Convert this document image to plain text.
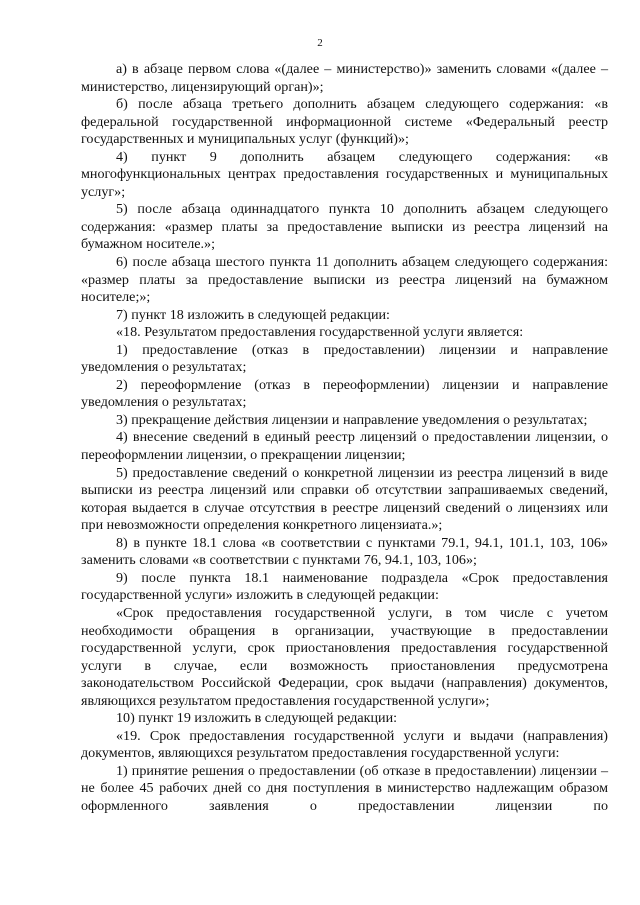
2

а) в абзаце первом слова «(далее – министерство)» заменить словами «(далее – министерство, лицензирующий орган)»;

б) после абзаца третьего дополнить абзацем следующего содержания: «в федеральной государственной информационной системе «Федеральный реестр государственных и муниципальных услуг (функций)»;

4) пункт 9 дополнить абзацем следующего содержания: «в многофункциональных центрах предоставления государственных и муниципальных услуг»;

5) после абзаца одиннадцатого пункта 10 дополнить абзацем следующего содержания: «размер платы за предоставление выписки из реестра лицензий на бумажном носителе.»;

6) после абзаца шестого пункта 11 дополнить абзацем следующего содержания: «размер платы за предоставление выписки из реестра лицензий на бумажном носителе;»;

7) пункт 18 изложить в следующей редакции:

«18. Результатом предоставления государственной услуги является:

1) предоставление (отказ в предоставлении) лицензии и направление уведомления о результатах;

2) переоформление (отказ в переоформлении) лицензии и направление уведомления о результатах;

3) прекращение действия лицензии и направление уведомления о результатах;

4) внесение сведений в единый реестр лицензий о предоставлении лицензии, о переоформлении лицензии, о прекращении лицензии;

5) предоставление сведений о конкретной лицензии из реестра лицензий в виде выписки из реестра лицензий или справки об отсутствии запрашиваемых сведений, которая выдается в случае отсутствия в реестре лицензий сведений о лицензиях или при невозможности определения конкретного лицензиата.»;

8) в пункте 18.1 слова «в соответствии с пунктами 79.1, 94.1, 101.1, 103, 106» заменить словами «в соответствии с пунктами 76, 94.1, 103, 106»;

9) после пункта 18.1 наименование подраздела «Срок предоставления государственной услуги» изложить в следующей редакции:

«Срок предоставления государственной услуги, в том числе с учетом необходимости обращения в организации, участвующие в предоставлении государственной услуги, срок приостановления предоставления государственной услуги в случае, если возможность приостановления предусмотрена законодательством Российской Федерации, срок выдачи (направления) документов, являющихся результатом предоставления государственной услуги»;

10) пункт 19 изложить в следующей редакции:

«19. Срок предоставления государственной услуги и выдачи (направления) документов, являющихся результатом предоставления государственной услуги:

1) принятие решения о предоставлении (об отказе в предоставлении) лицензии – не более 45 рабочих дней со дня поступления в министерство надлежащим образом оформленного заявления о предоставлении лицензии по
